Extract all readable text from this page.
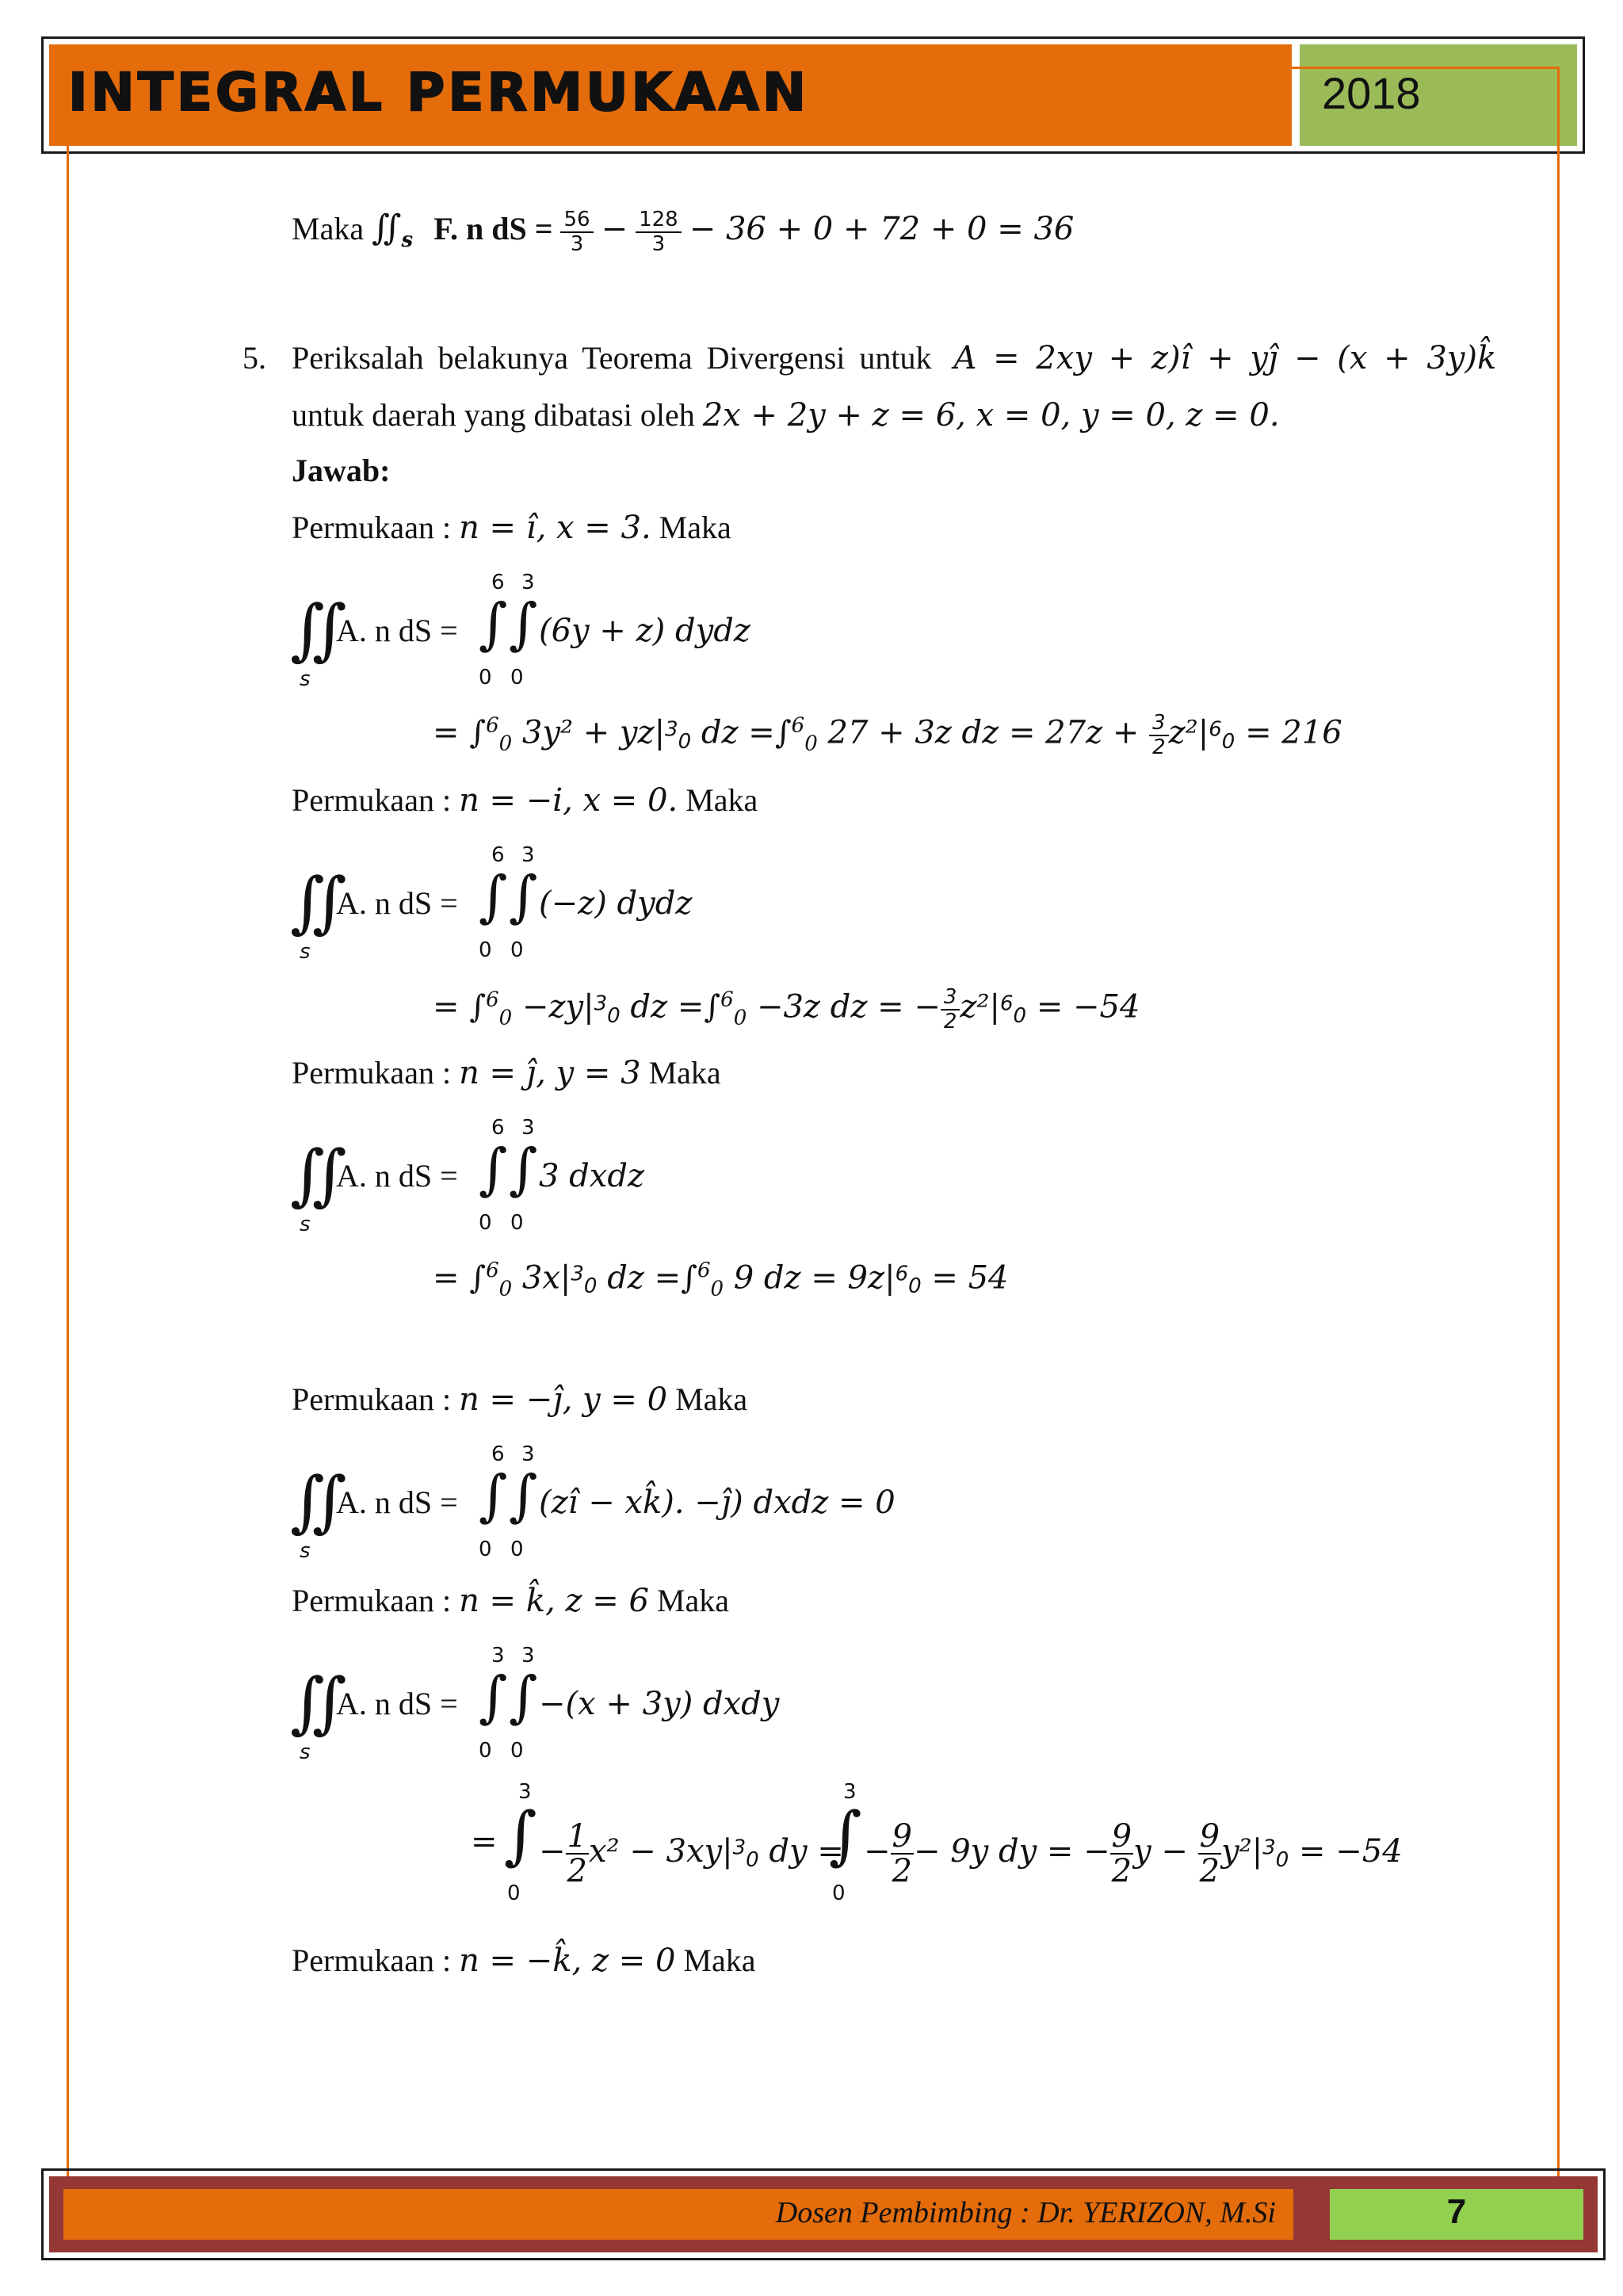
INTEGRAL PERMUKAAN	2018
Maka $∬_s$ F. n dS = $\frac{56}{3} - \frac{128}{3} - 36 + 0 + 72 + 0 = 36$
5. Periksalah belakunya Teorema Divergensi untuk A = 2xy + z)î + yĵ − (x + 3y)k̂
untuk daerah yang dibatasi oleh 2x + 2y + z = 6, x = 0, y = 0, z = 0.
Jawab:
Permukaan : n = î, x = 3. Maka
∬
s
A. n dS =
6 3
∫ ∫
0 0
(6y + z) dydz
= ∫$^6_0$ $3y^2 + yz|^3_0$ dz =∫$^6_0$ 27 + 3z dz = $27z + \frac{3}{2} z^2|^6_0 = 216$
Permukaan : n = −i, x = 0. Maka
∬
s
A. n dS =
6 3
∫ ∫
0 0
(−z) dydz
= $\int^6_0 -zy|^3_0$ dz =∫$^6_0$ −3z dz = − $\frac{3}{2} z^2|^6_0 = -54$
Permukaan : n = ĵ, y = 3 Maka
∬
s
A. n dS =
6 3
∫ ∫
0 0
3 dxdz
= ∫$^6_0$ $3x|^3_0$ dz =∫$^6_0$ 9 dz = $9z|^6_0 = 54$
Permukaan : n = −ĵ, y = 0 Maka
∬
s
A. n dS =
6 3
∫ ∫
0 0
(zî − xk̂). −ĵ) dxdz = 0
Permukaan : n = k̂, z = 6 Maka
∬
s
A. n dS =
3 3
∫ ∫
0 0
−(x + 3y) dxdy
3
∫
0
= − $\frac{1}{2} x^2 - 3xy|^3_0$ dy =
3
∫
0
− $\frac{9}{2} - 9y$ dy = − $\frac{9}{2}$ $y - \frac{9}{2} y^2|^3_0 = -54$
Permukaan : n = −k̂, z = 0 Maka
Dosen Pembimbing : Dr. YERIZON, M.Si	7
